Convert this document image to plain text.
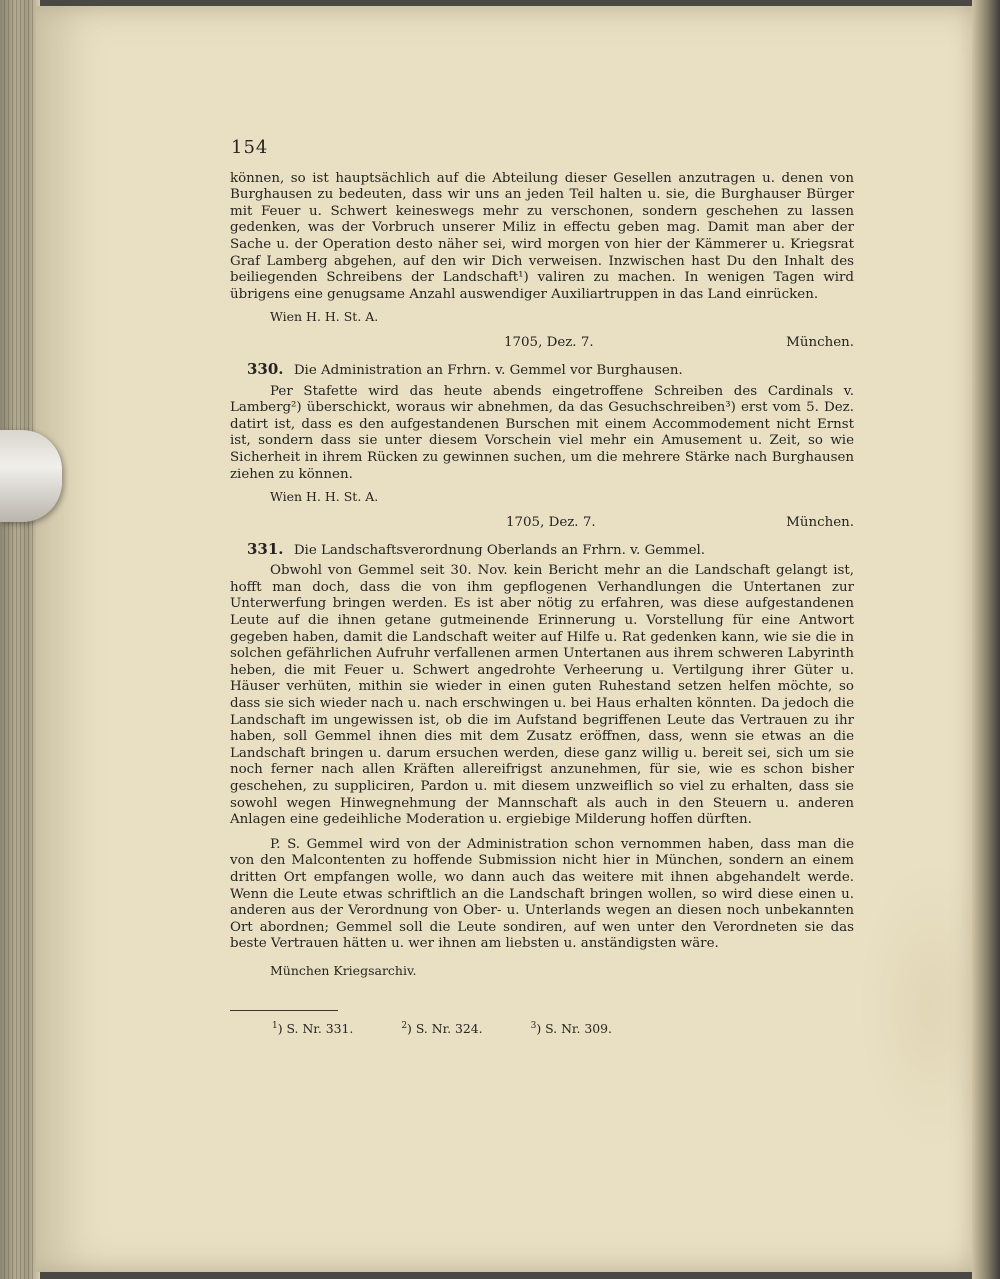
154

können, so ist hauptsächlich auf die Abteilung dieser Gesellen anzutragen u. denen von Burghausen zu bedeuten, dass wir uns an jeden Teil halten u. sie, die Burghauser Bürger mit Feuer u. Schwert keineswegs mehr zu verschonen, sondern geschehen zu lassen gedenken, was der Vorbruch unserer Miliz in effectu geben mag. Damit man aber der Sache u. der Operation desto näher sei, wird morgen von hier der Kämmerer u. Kriegsrat Graf Lamberg abgehen, auf den wir Dich verweisen. Inzwischen hast Du den Inhalt des beiliegenden Schreibens der Landschaft¹) valiren zu machen. In wenigen Tagen wird übrigens eine genugsame Anzahl auswendiger Auxiliartruppen in das Land einrücken.

Wien H. H. St. A.
1705, Dez. 7.	München.
330. Die Administration an Frhrn. v. Gemmel vor Burghausen.

Per Stafette wird das heute abends eingetroffene Schreiben des Cardinals v. Lamberg²) überschickt, woraus wir abnehmen, da das Gesuchschreiben³) erst vom 5. Dez. datirt ist, dass es den aufgestandenen Burschen mit einem Accommodement nicht Ernst ist, sondern dass sie unter diesem Vorschein viel mehr ein Amusement u. Zeit, so wie Sicherheit in ihrem Rücken zu gewinnen suchen, um die mehrere Stärke nach Burghausen ziehen zu können.

Wien H. H. St. A.
1705, Dez. 7.	München.
331. Die Landschaftsverordnung Oberlands an Frhrn. v. Gemmel.

Obwohl von Gemmel seit 30. Nov. kein Bericht mehr an die Landschaft gelangt ist, hofft man doch, dass die von ihm gepflogenen Verhandlungen die Untertanen zur Unterwerfung bringen werden. Es ist aber nötig zu erfahren, was diese aufgestandenen Leute auf die ihnen getane gutmeinende Erinnerung u. Vorstellung für eine Antwort gegeben haben, damit die Landschaft weiter auf Hilfe u. Rat gedenken kann, wie sie die in solchen gefährlichen Aufruhr verfallenen armen Untertanen aus ihrem schweren Labyrinth heben, die mit Feuer u. Schwert angedrohte Verheerung u. Vertilgung ihrer Güter u. Häuser verhüten, mithin sie wieder in einen guten Ruhestand setzen helfen möchte, so dass sie sich wieder nach u. nach erschwingen u. bei Haus erhalten könnten. Da jedoch die Landschaft im ungewissen ist, ob die im Aufstand begriffenen Leute das Vertrauen zu ihr haben, soll Gemmel ihnen dies mit dem Zusatz eröffnen, dass, wenn sie etwas an die Landschaft bringen u. darum ersuchen werden, diese ganz willig u. bereit sei, sich um sie noch ferner nach allen Kräften allereifrigst anzunehmen, für sie, wie es schon bisher geschehen, zu suppliciren, Pardon u. mit diesem unzweiflich so viel zu erhalten, dass sie sowohl wegen Hinwegnehmung der Mannschaft als auch in den Steuern u. anderen Anlagen eine gedeihliche Moderation u. ergiebige Milderung hoffen dürften.

P. S. Gemmel wird von der Administration schon vernommen haben, dass man die von den Malcontenten zu hoffende Submission nicht hier in München, sondern an einem dritten Ort empfangen wolle, wo dann auch das weitere mit ihnen abgehandelt werde. Wenn die Leute etwas schriftlich an die Landschaft bringen wollen, so wird diese einen u. anderen aus der Verordnung von Ober- u. Unterlands wegen an diesen noch unbekannten Ort abordnen; Gemmel soll die Leute sondiren, auf wen unter den Verordneten sie das beste Vertrauen hätten u. wer ihnen am liebsten u. anständigsten wäre.

München Kriegsarchiv.
$^1$) S. Nr. 331.	$^2$) S. Nr. 324.	$^3$) S. Nr. 309.
